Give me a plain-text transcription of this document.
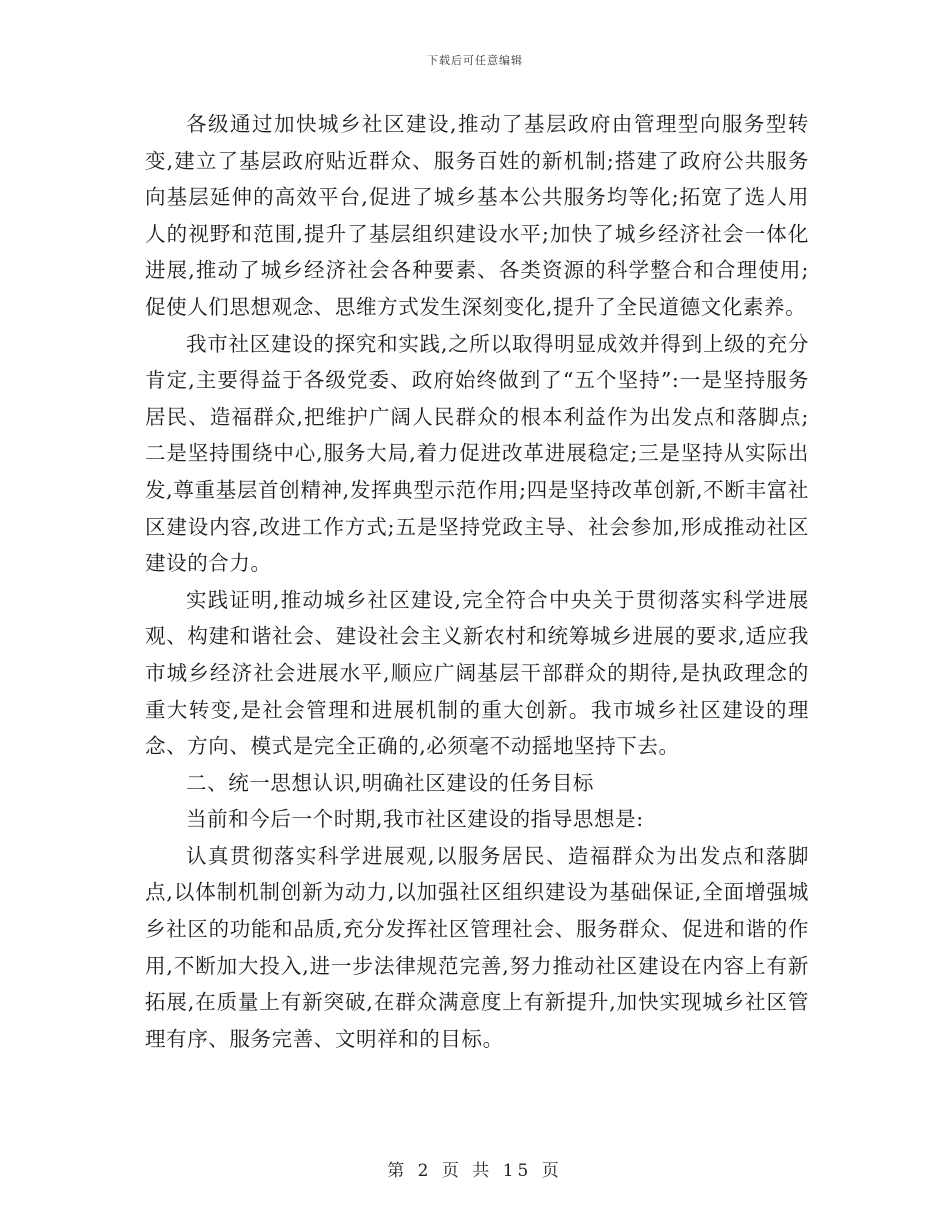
下载后可任意编辑

各级通过加快城乡社区建设,推动了基层政府由管理型向服务型转变,建立了基层政府贴近群众、服务百姓的新机制;搭建了政府公共服务向基层延伸的高效平台,促进了城乡基本公共服务均等化;拓宽了选人用人的视野和范围,提升了基层组织建设水平;加快了城乡经济社会一体化进展,推动了城乡经济社会各种要素、各类资源的科学整合和合理使用;促使人们思想观念、思维方式发生深刻变化,提升了全民道德文化素养。

我市社区建设的探究和实践,之所以取得明显成效并得到上级的充分肯定,主要得益于各级党委、政府始终做到了“五个坚持”:一是坚持服务居民、造福群众,把维护广阔人民群众的根本利益作为出发点和落脚点;二是坚持围绕中心,服务大局,着力促进改革进展稳定;三是坚持从实际出发,尊重基层首创精神,发挥典型示范作用;四是坚持改革创新,不断丰富社区建设内容,改进工作方式;五是坚持党政主导、社会参加,形成推动社区建设的合力。

实践证明,推动城乡社区建设,完全符合中央关于贯彻落实科学进展观、构建和谐社会、建设社会主义新农村和统筹城乡进展的要求,适应我市城乡经济社会进展水平,顺应广阔基层干部群众的期待,是执政理念的重大转变,是社会管理和进展机制的重大创新。我市城乡社区建设的理念、方向、模式是完全正确的,必须毫不动摇地坚持下去。

二、统一思想认识,明确社区建设的任务目标

当前和今后一个时期,我市社区建设的指导思想是:

认真贯彻落实科学进展观,以服务居民、造福群众为出发点和落脚点,以体制机制创新为动力,以加强社区组织建设为基础保证,全面增强城乡社区的功能和品质,充分发挥社区管理社会、服务群众、促进和谐的作用,不断加大投入,进一步法律规范完善,努力推动社区建设在内容上有新拓展,在质量上有新突破,在群众满意度上有新提升,加快实现城乡社区管理有序、服务完善、文明祥和的目标。

第 2 页 共 15 页
